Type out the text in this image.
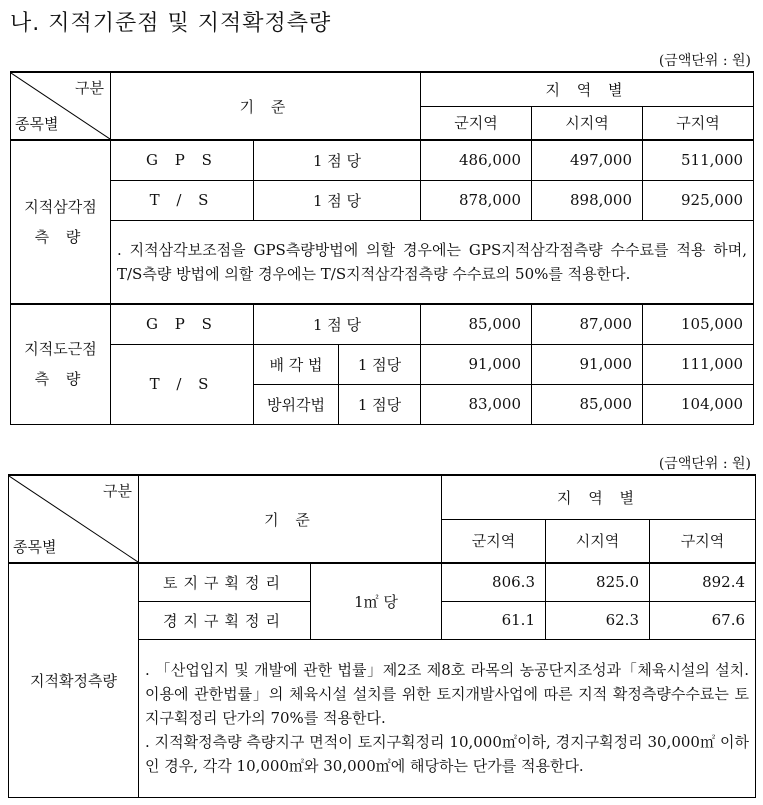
나. 지적기준점 및 지적확정측량
(금액단위 : 원)
구분
종목별	기 준			지 역 별		
				군지역	시지역	구지역

지적삼각점
측 량	G P S	1 점 당		486,000	497,000	511,000
	T / S	1 점 당		878,000	898,000	925,000
	. 지적삼각보조점을 GPS측량방법에 의할 경우에는 GPS지적삼각점측량 수수료를 적용 하며, T/S측량 방법에 의할 경우에는 T/S지적삼각점측량 수수료의 50%를 적용한다.					

지적도근점
측 량	G P S	1 점 당		85,000	87,000	105,000
	T / S	배 각 법	1 점당	91,000	91,000	111,000
		방위각법	1 점당	83,000	85,000	104,000
(금액단위 : 원)
구분
종목별	기 준		지 역 별		
			군지역	시지역	구지역
지적확정측량	토지구획정리	1㎡ 당	806.3	825.0	892.4
	경지구획정리		61.1	62.3	67.6

	. 「산업입지 및 개발에 관한 법률」제2조 제8호 라목의 농공단지조성과「체육시설의 설치.이용에 관한법률」의 체육시설 설치를 위한 토지개발사업에 따른 지적 확정측량수수료는 토지구획정리 단가의 70%를 적용한다.
. 지적확정측량 측량지구 면적이 토지구획정리 10,000㎡이하, 경지구획정리 30,000㎡ 이하인 경우, 각각 10,000㎡와 30,000㎡에 해당하는 단가를 적용한다.				
